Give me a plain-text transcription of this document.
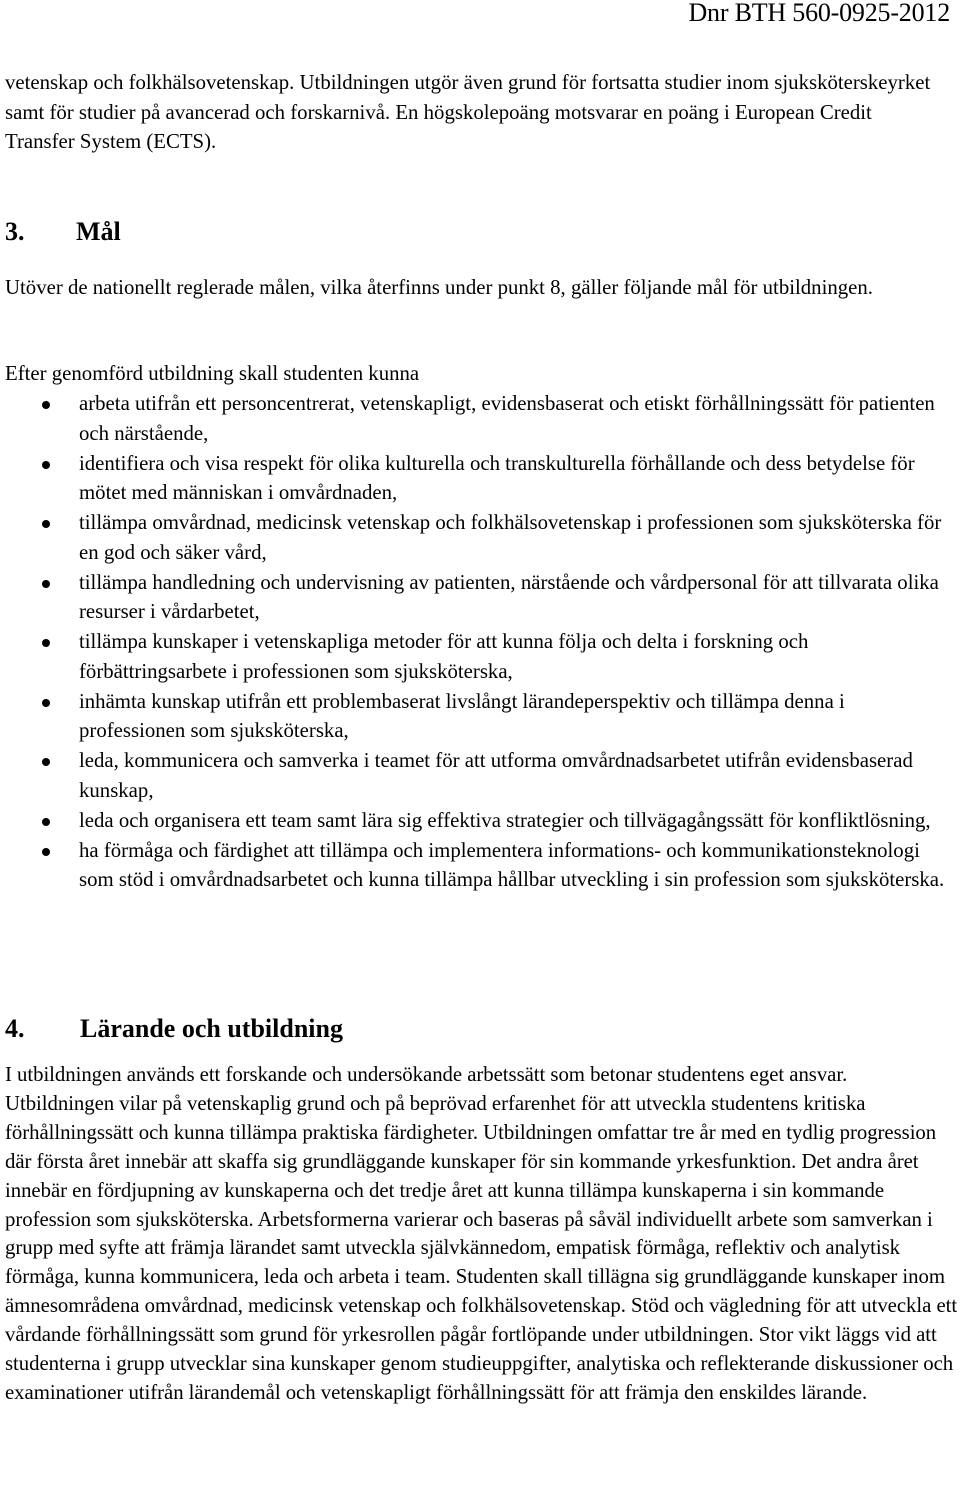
Dnr BTH 560-0925-2012

vetenskap och folkhälsovetenskap. Utbildningen utgör även grund för fortsatta studier inom sjuksköterskeyrket samt för studier på avancerad och forskarnivå. En högskolepoäng motsvarar en poäng i European Credit Transfer System (ECTS).

3. Mål

Utöver de nationellt reglerade målen, vilka återfinns under punkt 8, gäller följande mål för utbildningen.

Efter genomförd utbildning skall studenten kunna

arbeta utifrån ett personcentrerat, vetenskapligt, evidensbaserat och etiskt förhållningssätt för patienten och närstående,
identifiera och visa respekt för olika kulturella och transkulturella förhållande och dess betydelse för mötet med människan i omvårdnaden,
tillämpa omvårdnad, medicinsk vetenskap och folkhälsovetenskap i professionen som sjuksköterska för en god och säker vård,
tillämpa handledning och undervisning av patienten, närstående och vårdpersonal för att tillvarata olika resurser i vårdarbetet,
tillämpa kunskaper i vetenskapliga metoder för att kunna följa och delta i forskning och förbättringsarbete i professionen som sjuksköterska,
inhämta kunskap utifrån ett problembaserat livslångt lärandeperspektiv och tillämpa denna i professionen som sjuksköterska,
leda, kommunicera och samverka i teamet för att utforma omvårdnadsarbetet utifrån evidensbaserad kunskap,
leda och organisera ett team samt lära sig effektiva strategier och tillvägagångssätt för konfliktlösning,
ha förmåga och färdighet att tillämpa och implementera informations- och kommunikationsteknologi som stöd i omvårdnadsarbetet och kunna tillämpa hållbar utveckling i sin profession som sjuksköterska.
4. Lärande och utbildning

I utbildningen används ett forskande och undersökande arbetssätt som betonar studentens eget ansvar. Utbildningen vilar på vetenskaplig grund och på beprövad erfarenhet för att utveckla studentens kritiska förhållningssätt och kunna tillämpa praktiska färdigheter. Utbildningen omfattar tre år med en tydlig progression där första året innebär att skaffa sig grundläggande kunskaper för sin kommande yrkesfunktion. Det andra året innebär en fördjupning av kunskaperna och det tredje året att kunna tillämpa kunskaperna i sin kommande profession som sjuksköterska. Arbetsformerna varierar och baseras på såväl individuellt arbete som samverkan i grupp med syfte att främja lärandet samt utveckla självkännedom, empatisk förmåga, reflektiv och analytisk förmåga, kunna kommunicera, leda och arbeta i team. Studenten skall tillägna sig grundläggande kunskaper inom ämnesområdena omvårdnad, medicinsk vetenskap och folkhälsovetenskap. Stöd och vägledning för att utveckla ett vårdande förhållningssätt som grund för yrkesrollen pågår fortlöpande under utbildningen. Stor vikt läggs vid att studenterna i grupp utvecklar sina kunskaper genom studieuppgifter, analytiska och reflekterande diskussioner och examinationer utifrån lärandemål och vetenskapligt förhållningssätt för att främja den enskildes lärande.
